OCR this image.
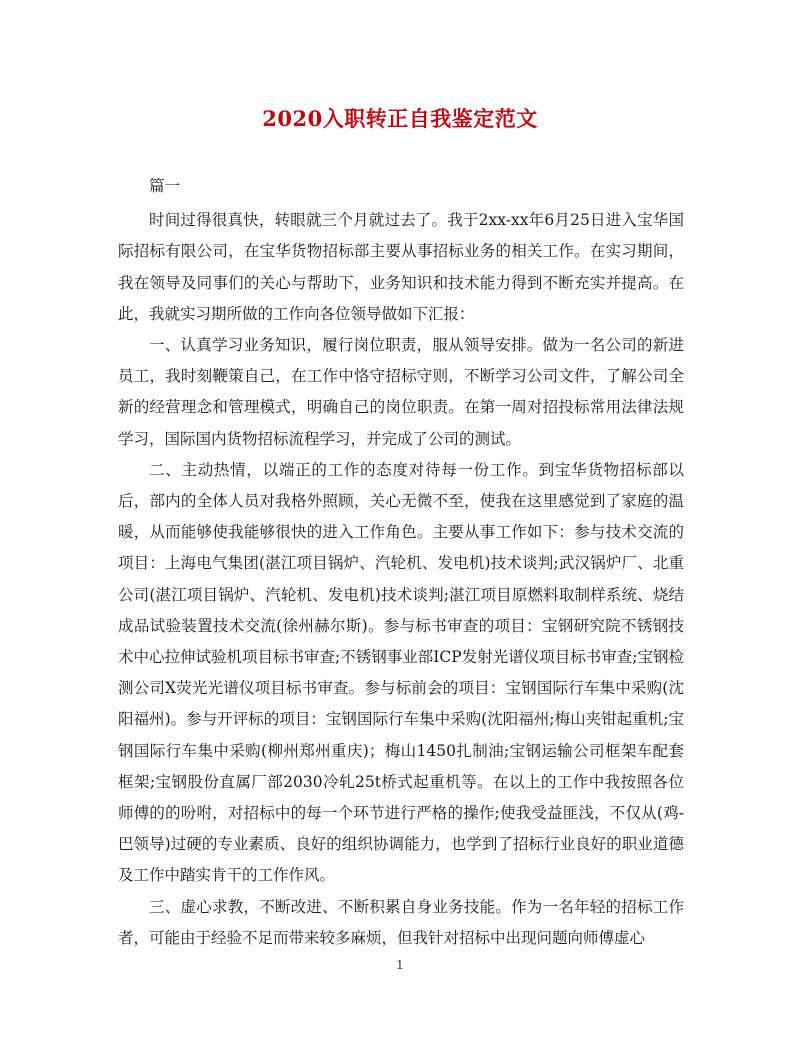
2020入职转正自我鉴定范文

篇一

时间过得很真快，转眼就三个月就过去了。我于2xx-xx年6月25日进入宝华国际招标有限公司，在宝华货物招标部主要从事招标业务的相关工作。在实习期间，我在领导及同事们的关心与帮助下，业务知识和技术能力得到不断充实并提高。在此，我就实习期所做的工作向各位领导做如下汇报：

一、认真学习业务知识，履行岗位职责，服从领导安排。做为一名公司的新进员工，我时刻鞭策自己，在工作中恪守招标守则，不断学习公司文件，了解公司全新的经营理念和管理模式，明确自己的岗位职责。在第一周对招投标常用法律法规学习，国际国内货物招标流程学习，并完成了公司的测试。

二、主动热情，以端正的工作的态度对待每一份工作。到宝华货物招标部以后，部内的全体人员对我格外照顾，关心无微不至，使我在这里感觉到了家庭的温暖，从而能够使我能够很快的进入工作角色。主要从事工作如下：参与技术交流的项目：上海电气集团(湛江项目锅炉、汽轮机、发电机)技术谈判;武汉锅炉厂、北重公司(湛江项目锅炉、汽轮机、发电机)技术谈判;湛江项目原燃料取制样系统、烧结成品试验装置技术交流(徐州赫尔斯)。参与标书审查的项目：宝钢研究院不锈钢技术中心拉伸试验机项目标书审查;不锈钢事业部ICP发射光谱仪项目标书审查;宝钢检测公司X荧光光谱仪项目标书审查。参与标前会的项目：宝钢国际行车集中采购(沈阳福州)。参与开评标的项目：宝钢国际行车集中采购(沈阳福州;梅山夹钳起重机;宝钢国际行车集中采购(柳州郑州重庆)；梅山1450扎制油;宝钢运输公司框架车配套框架;宝钢股份直属厂部2030冷轧25t桥式起重机等。在以上的工作中我按照各位师傅的的吩咐，对招标中的每一个环节进行严格的操作;使我受益匪浅，不仅从(鸡-巴领导)过硬的专业素质、良好的组织协调能力，也学到了招标行业良好的职业道德及工作中踏实肯干的工作作风。

三、虚心求教，不断改进、不断积累自身业务技能。作为一名年轻的招标工作者，可能由于经验不足而带来较多麻烦，但我针对招标中出现问题向师傅虚心

1
